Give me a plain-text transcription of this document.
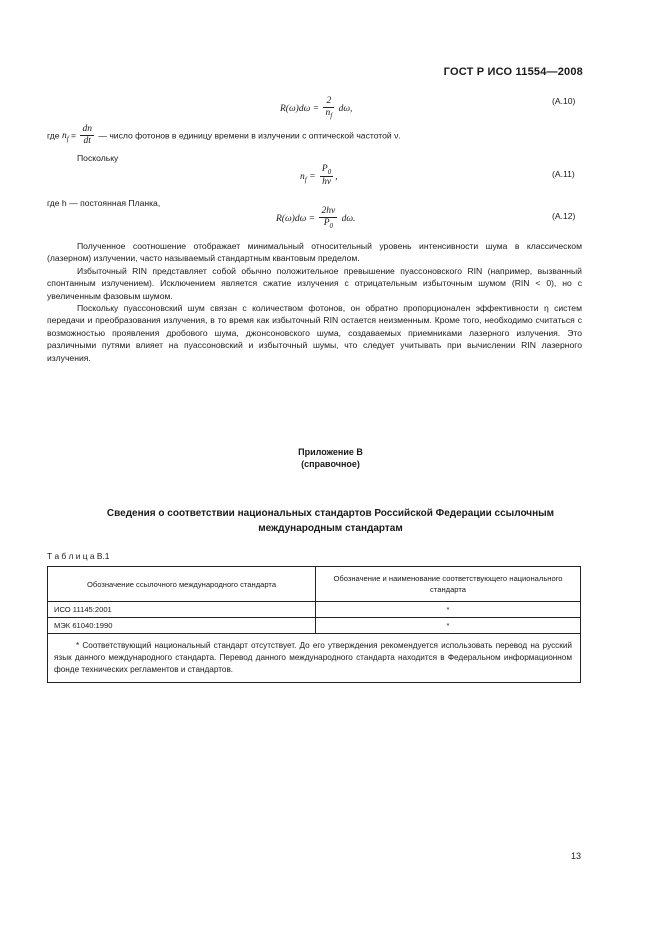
ГОСТ Р ИСО 11554—2008
$R(\omega)d\omega = \frac{2}{n_f} d\omega$,
(A.10)
где $n_f = \frac{dn}{dt}$ — число фотонов в единицу времени в излучении с оптической частотой ν.
Поскольку
$n_f = \frac{P_0}{h\nu}$ ,	(A.11)
где h — постоянная Планка,
$R(\omega)d\omega = \frac{2h\nu}{P_0} d\omega$.	(A.12)
Полученное соотношение отображает минимальный относительный уровень интенсивности шума в классическом (лазерном) излучении, часто называемый стандартным квантовым пределом.
Избыточный RIN представляет собой обычно положительное превышение пуассоновского RIN (например, вызванный спонтанным излучением). Исключением является сжатие излучения с отрицательным избыточным шумом (RIN < 0), но с увеличенным фазовым шумом.
Поскольку пуассоновский шум связан с количеством фотонов, он обратно пропорционален эффективности η систем передачи и преобразования излучения, в то время как избыточный RIN остается неизменным. Кроме того, необходимо считаться с возможностью проявления дробового шума, джонсоновского шума, создаваемых приемниками лазерного излучения. Это различными путями влияет на пуассоновский и избыточный шумы, что следует учитывать при вычислении RIN лазерного излучения.
Приложение В
(справочное)
Сведения о соответствии национальных стандартов Российской Федерации ссылочным
международным стандартам
Т а б л и ц а В.1
Обозначение ссылочного международного стандарта	Обозначение и наименование соответствующего национального стандарта
ИСО 11145:2001	*
МЭК 61040:1990	*
* Соответствующий национальный стандарт отсутствует. До его утверждения рекомендуется использовать перевод на русский язык данного международного стандарта. Перевод данного международного стандарта находится в Федеральном информационном фонде технических регламентов и стандартов.	
13
